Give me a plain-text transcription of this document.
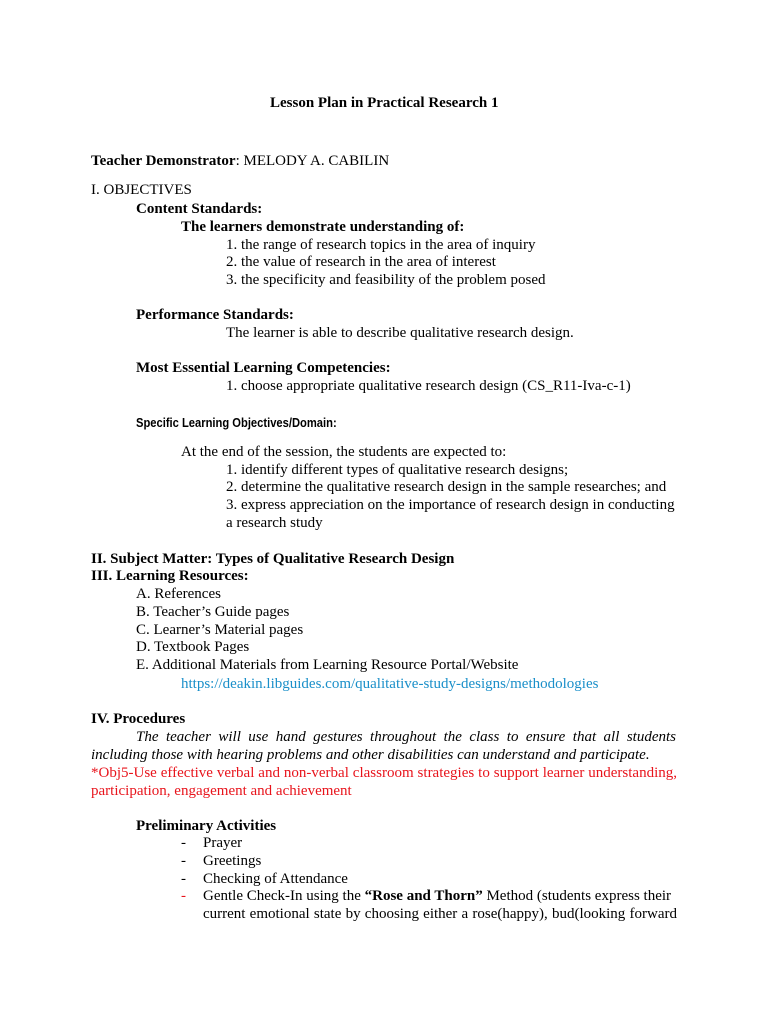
Lesson Plan in Practical Research 1
Teacher Demonstrator: MELODY A. CABILIN
I. OBJECTIVES
Content Standards:
The learners demonstrate understanding of:
1. the range of research topics in the area of inquiry
2. the value of research in the area of interest
3. the specificity and feasibility of the problem posed
Performance Standards:
The learner is able to describe qualitative research design.
Most Essential Learning Competencies:
1. choose appropriate qualitative research design (CS_R11-Iva-c-1)
Specific Learning Objectives/Domain:
At the end of the session, the students are expected to:
1. identify different types of qualitative research designs;
2. determine the qualitative research design in the sample researches; and
3. express appreciation on the importance of research design in conducting
a research study
II. Subject Matter: Types of Qualitative Research Design
III. Learning Resources:
A. References
B. Teacher’s Guide pages
C. Learner’s Material pages
D. Textbook Pages
E. Additional Materials from Learning Resource Portal/Website
https://deakin.libguides.com/qualitative-study-designs/methodologies
IV. Procedures
The teacher will use hand gestures throughout the class to ensure that all students
including those with hearing problems and other disabilities can understand and participate.
*Obj5-Use effective verbal and non-verbal classroom strategies to support learner understanding,
participation, engagement and achievement
Preliminary Activities
- Prayer
- Greetings
- Checking of Attendance
- Gentle Check-In using the “Rose and Thorn” Method (students express their
current emotional state by choosing either a rose(happy), bud(looking forward
